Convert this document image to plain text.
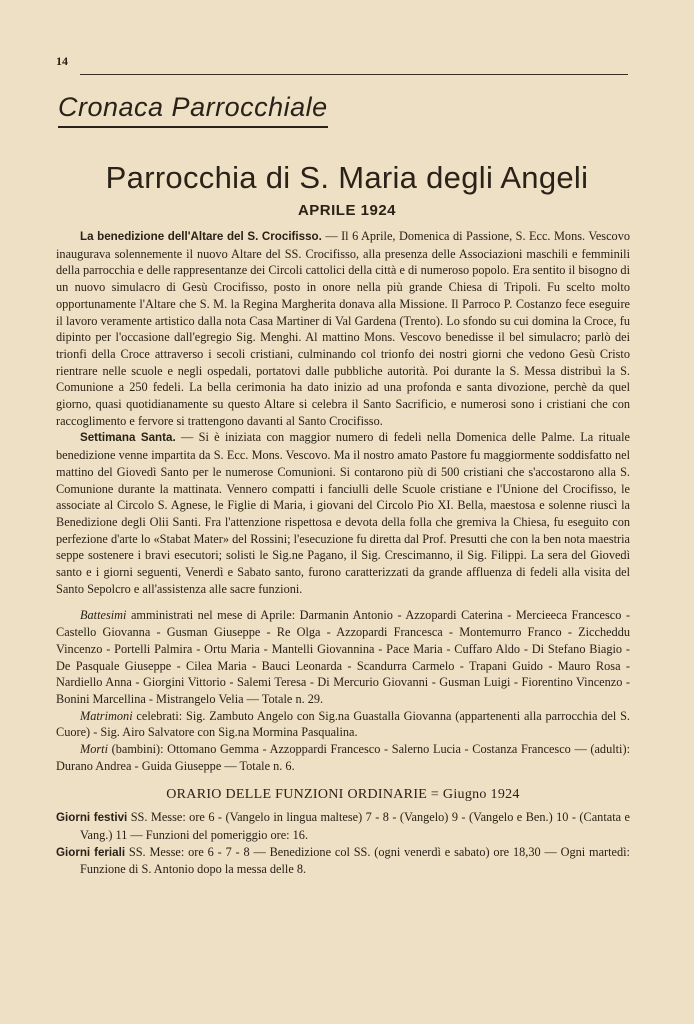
14
Cronaca Parrocchiale
Parrocchia di S. Maria degli Angeli
APRILE 1924

La benedizione dell'Altare del S. Crocifisso. — Il 6 Aprile, Domenica di Passione, S. Ecc. Mons. Vescovo inaugurava solennemente il nuovo Altare del SS. Crocifisso, alla presenza delle Associazioni maschili e femminili della parrocchia e delle rappresentanze dei Circoli cattolici della città e di numeroso popolo. Era sentito il bisogno di un nuovo simulacro di Gesù Crocifisso, posto in onore nella più grande Chiesa di Tripoli. Fu scelto molto opportunamente l'Altare che S. M. la Regina Margherita donava alla Missione. Il Parroco P. Costanzo fece eseguire il lavoro veramente artistico dalla nota Casa Martiner di Val Gardena (Trento). Lo sfondo su cui domina la Croce, fu dipinto per l'occasione dall'egregio Sig. Menghi. Al mattino Mons. Vescovo benedisse il bel simulacro; parlò dei trionfi della Croce attraverso i secoli cristiani, culminando col trionfo dei nostri giorni che vedono Gesù Cristo rientrare nelle scuole e negli ospedali, portatovi dalle pubbliche autorità. Poi durante la S. Messa distribuì la S. Comunione a 250 fedeli. La bella cerimonia ha dato inizio ad una profonda e santa divozione, perchè da quel giorno, quasi quotidianamente su questo Altare si celebra il Santo Sacrificio, e numerosi sono i cristiani che con raccoglimento e fervore si trattengono davanti al Santo Crocifisso.

Settimana Santa. — Si è iniziata con maggior numero di fedeli nella Domenica delle Palme. La rituale benedizione venne impartita da S. Ecc. Mons. Vescovo. Ma il nostro amato Pastore fu maggiormente soddisfatto nel mattino del Giovedì Santo per le numerose Comunioni. Si contarono più di 500 cristiani che s'accostarono alla S. Comunione durante la mattinata. Vennero compatti i fanciulli delle Scuole cristiane e l'Unione del Crocifisso, le associate al Circolo S. Agnese, le Figlie di Maria, i giovani del Circolo Pio XI. Bella, maestosa e solenne riuscì la Benedizione degli Olii Santi. Fra l'attenzione rispettosa e devota della folla che gremiva la Chiesa, fu eseguito con perfezione d'arte lo «Stabat Mater» del Rossini; l'esecuzione fu diretta dal Prof. Presutti che con la ben nota maestria seppe sostenere i bravi esecutori; solisti le Sig.ne Pagano, il Sig. Crescimanno, il Sig. Filippi. La sera del Giovedì santo e i giorni seguenti, Venerdì e Sabato santo, furono caratterizzati da grande affluenza di fedeli alla visita del Santo Sepolcro e all'assistenza alle sacre funzioni.

Battesimi amministrati nel mese di Aprile: Darmanin Antonio - Azzopardi Caterina - Mercieeca Francesco - Castello Giovanna - Gusman Giuseppe - Re Olga - Azzopardi Francesca - Montemurro Franco - Zicchеddu Vincenzo - Portelli Palmira - Ortu Maria - Mantelli Giovannina - Pace Maria - Cuffaro Aldo - Di Stefano Biagio - De Pasquale Giuseppe - Cilea Maria - Bauci Leonarda - Scandurra Carmelo - Trapani Guido - Mauro Rosa - Nardiello Anna - Giorgini Vittorio - Salemi Teresa - Di Mercurio Giovanni - Gusman Luigi - Fiorentino Vincenzo - Bonini Marcellina - Mistrangelo Velia — Totale n. 29.

Matrimoni celebrati: Sig. Zambuto Angelo con Sig.na Guastalla Giovanna (appartenenti alla parrocchia del S. Cuore) - Sig. Airo Salvatore con Sig.na Mormina Pasqualina.

Morti (bambini): Ottomano Gemma - Azzoppardi Francesco - Salerno Lucia - Costanza Francesco — (adulti): Durano Andrea - Guida Giuseppe — Totale n. 6.

ORARIO DELLE FUNZIONI ORDINARIE = Giugno 1924

Giorni festivi SS. Messe: ore 6 - (Vangelo in lingua maltese) 7 - 8 - (Vangelo) 9 - (Vangelo e Ben.) 10 - (Cantata e Vang.) 11 — Funzioni del pomeriggio ore: 16.

Giorni feriali SS. Messe: ore 6 - 7 - 8 — Benedizione col SS. (ogni venerdì e sabato) ore 18,30 — Ogni martedì: Funzione di S. Antonio dopo la messa delle 8.
